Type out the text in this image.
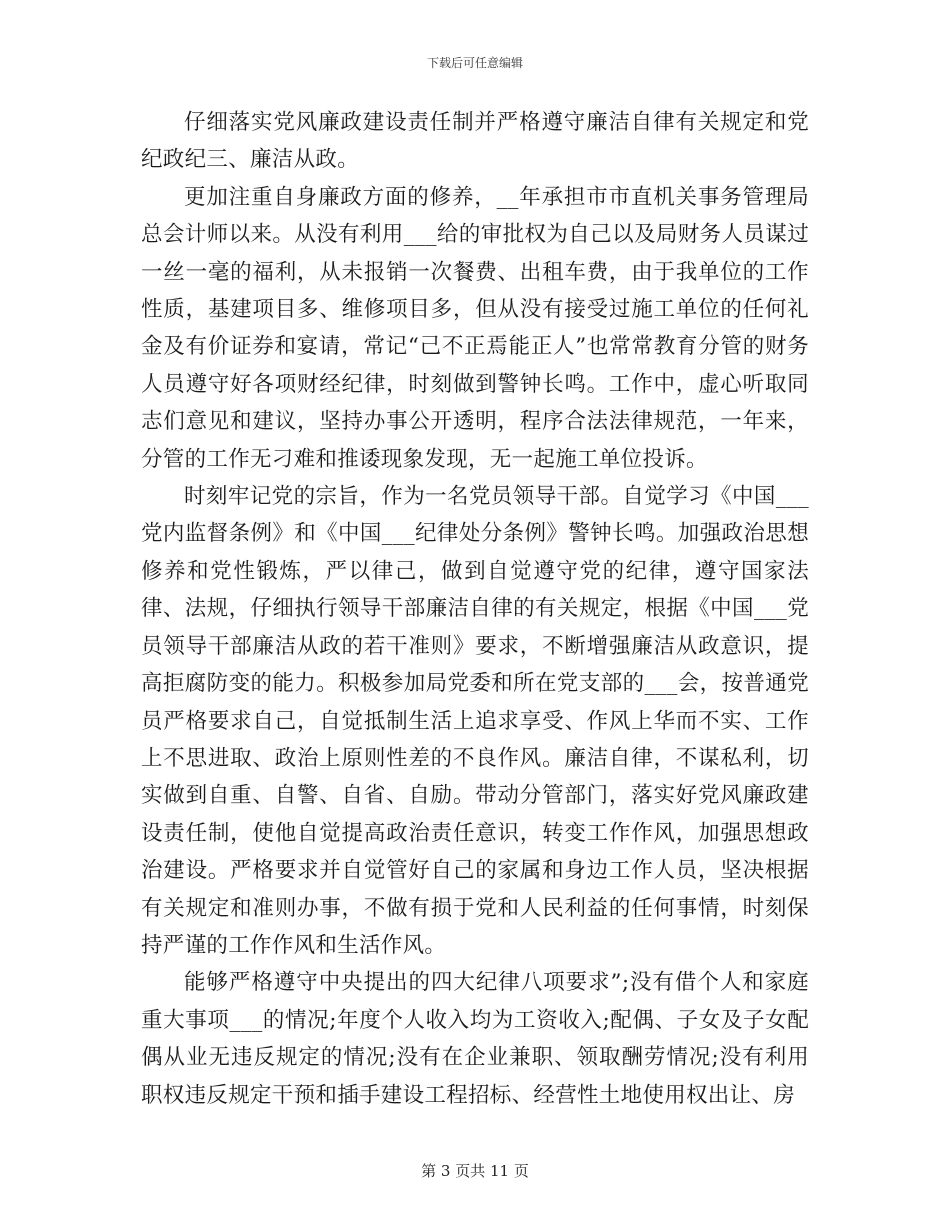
下载后可任意编辑

仔细落实党风廉政建设责任制并严格遵守廉洁自律有关规定和党纪政纪三、廉洁从政。

更加注重自身廉政方面的修养，__年承担市市直机关事务管理局总会计师以来。从没有利用___给的审批权为自己以及局财务人员谋过一丝一毫的福利，从未报销一次餐费、出租车费，由于我单位的工作性质，基建项目多、维修项目多，但从没有接受过施工单位的任何礼金及有价证券和宴请，常记“己不正焉能正人”也常常教育分管的财务人员遵守好各项财经纪律，时刻做到警钟长鸣。工作中，虚心听取同志们意见和建议，坚持办事公开透明，程序合法法律规范，一年来，分管的工作无刁难和推诿现象发现，无一起施工单位投诉。

时刻牢记党的宗旨，作为一名党员领导干部。自觉学习《中国___党内监督条例》和《中国___纪律处分条例》警钟长鸣。加强政治思想修养和党性锻炼，严以律己，做到自觉遵守党的纪律，遵守国家法律、法规，仔细执行领导干部廉洁自律的有关规定，根据《中国___党员领导干部廉洁从政的若干准则》要求，不断增强廉洁从政意识，提高拒腐防变的能力。积极参加局党委和所在党支部的___会，按普通党员严格要求自己，自觉抵制生活上追求享受、作风上华而不实、工作上不思进取、政治上原则性差的不良作风。廉洁自律，不谋私利，切实做到自重、自警、自省、自励。带动分管部门，落实好党风廉政建设责任制，使他自觉提高政治责任意识，转变工作作风，加强思想政治建设。严格要求并自觉管好自己的家属和身边工作人员，坚决根据有关规定和准则办事，不做有损于党和人民利益的任何事情，时刻保持严谨的工作作风和生活作风。

能够严格遵守中央提出的四大纪律八项要求”;没有借个人和家庭重大事项___的情况;年度个人收入均为工资收入;配偶、子女及子女配偶从业无违反规定的情况;没有在企业兼职、领取酬劳情况;没有利用职权违反规定干预和插手建设工程招标、经营性土地使用权出让、房

第 3 页共 11 页
